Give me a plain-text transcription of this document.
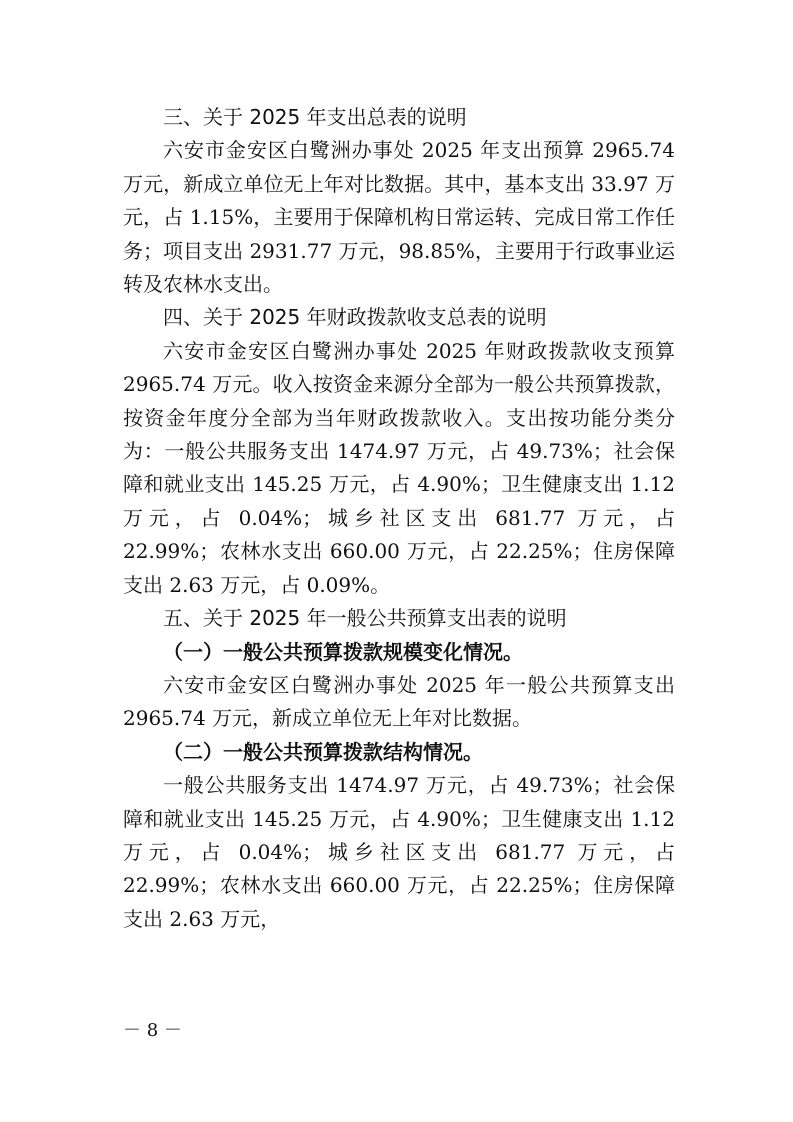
三、关于 2025 年支出总表的说明

六安市金安区白鹭洲办事处 2025 年支出预算 2965.74 万元，新成立单位无上年对比数据。其中，基本支出 33.97 万元，占 1.15%，主要用于保障机构日常运转、完成日常工作任务；项目支出 2931.77 万元，98.85%，主要用于行政事业运转及农林水支出。

四、关于 2025 年财政拨款收支总表的说明

六安市金安区白鹭洲办事处 2025 年财政拨款收支预算 2965.74 万元。收入按资金来源分全部为一般公共预算拨款，按资金年度分全部为当年财政拨款收入。支出按功能分类分为：一般公共服务支出 1474.97 万元，占 49.73%；社会保障和就业支出 145.25 万元，占 4.90%；卫生健康支出 1.12 万元，占 0.04%；城乡社区支出 681.77 万元，占 22.99%；农林水支出 660.00 万元，占 22.25%；住房保障支出 2.63 万元，占 0.09%。

五、关于 2025 年一般公共预算支出表的说明

（一）一般公共预算拨款规模变化情况。

六安市金安区白鹭洲办事处 2025 年一般公共预算支出 2965.74 万元，新成立单位无上年对比数据。

（二）一般公共预算拨款结构情况。

一般公共服务支出 1474.97 万元，占 49.73%；社会保障和就业支出 145.25 万元，占 4.90%；卫生健康支出 1.12 万元，占 0.04%；城乡社区支出 681.77 万元，占 22.99%；农林水支出 660.00 万元，占 22.25%；住房保障支出 2.63 万元，

－ 8 －
